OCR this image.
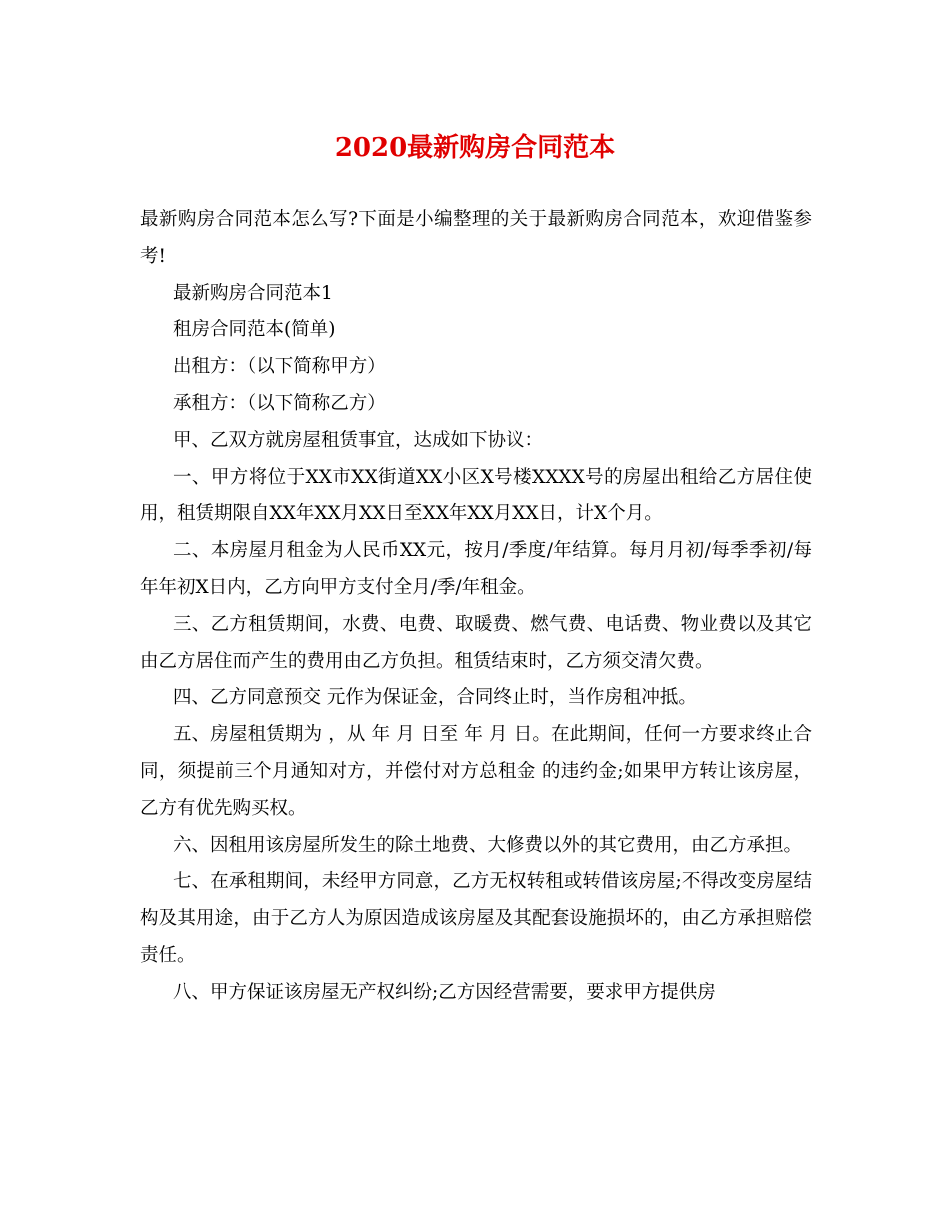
2020最新购房合同范本

最新购房合同范本怎么写?下面是小编整理的关于最新购房合同范本，欢迎借鉴参考!

最新购房合同范本1

租房合同范本(简单)

出租方：（以下简称甲方）

承租方：（以下简称乙方）

甲、乙双方就房屋租赁事宜，达成如下协议：

一、甲方将位于XX市XX街道XX小区X号楼XXXX号的房屋出租给乙方居住使用，租赁期限自XX年XX月XX日至XX年XX月XX日，计X个月。

二、本房屋月租金为人民币XX元，按月/季度/年结算。每月月初/每季季初/每年年初X日内，乙方向甲方支付全月/季/年租金。

三、乙方租赁期间，水费、电费、取暖费、燃气费、电话费、物业费以及其它由乙方居住而产生的费用由乙方负担。租赁结束时，乙方须交清欠费。

四、乙方同意预交 元作为保证金，合同终止时，当作房租冲抵。

五、房屋租赁期为 ，从 年 月 日至 年 月 日。在此期间，任何一方要求终止合同，须提前三个月通知对方，并偿付对方总租金 的违约金;如果甲方转让该房屋，乙方有优先购买权。

六、因租用该房屋所发生的除土地费、大修费以外的其它费用，由乙方承担。

七、在承租期间，未经甲方同意，乙方无权转租或转借该房屋;不得改变房屋结构及其用途，由于乙方人为原因造成该房屋及其配套设施损坏的，由乙方承担赔偿责任。

八、甲方保证该房屋无产权纠纷;乙方因经营需要，要求甲方提供房
